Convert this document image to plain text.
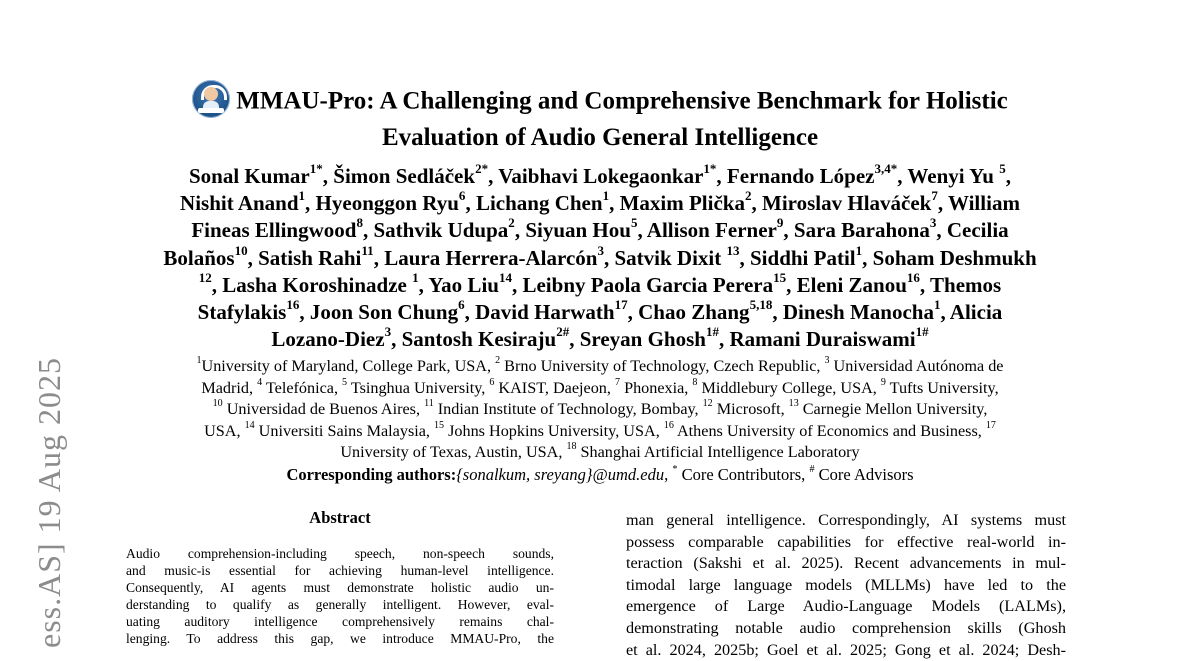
ess.AS] 19 Aug 2025
MMAU-Pro: A Challenging and Comprehensive Benchmark for Holistic
Evaluation of Audio General Intelligence
Sonal Kumar$^{1*}$, Šimon Sedláček$^{2*}$, Vaibhavi Lokegaonkar$^{1*}$, Fernando López$^{3,4*}$, Wenyi Yu $^5$,
Nishit Anand$^1$, Hyeonggon Ryu$^6$, Lichang Chen$^1$, Maxim Plička$^2$, Miroslav Hlaváček$^7$, William
Fineas Ellingwood$^8$, Sathvik Udupa$^2$, Siyuan Hou$^5$, Allison Ferner$^9$, Sara Barahona$^3$, Cecilia
Bolaños$^{10}$, Satish Rahi$^{11}$, Laura Herrera-Alarcón$^3$, Satvik Dixit $^{13}$, Siddhi Patil$^1$, Soham Deshmukh
$^{12}$, Lasha Koroshinadze $^1$, Yao Liu$^{14}$, Leibny Paola Garcia Perera$^{15}$, Eleni Zanou$^{16}$, Themos
Stafylakis$^{16}$, Joon Son Chung$^6$, David Harwath$^{17}$, Chao Zhang$^{5,18}$, Dinesh Manocha$^1$, Alicia
Lozano-Diez$^3$, Santosh Kesiraju$^{2\#}$, Sreyan Ghosh$^{1\#}$, Ramani Duraiswami$^{1\#}$
$^1$University of Maryland, College Park, USA, $^2$ Brno University of Technology, Czech Republic, $^3$ Universidad Autónoma de
Madrid, $^4$ Telefónica, $^5$ Tsinghua University, $^6$ KAIST, Daejeon, $^7$ Phonexia, $^8$ Middlebury College, USA, $^9$ Tufts University,
$^{10}$ Universidad de Buenos Aires, $^{11}$ Indian Institute of Technology, Bombay, $^{12}$ Microsoft, $^{13}$ Carnegie Mellon University,
USA, $^{14}$ Universiti Sains Malaysia, $^{15}$ Johns Hopkins University, USA, $^{16}$ Athens University of Economics and Business, $^{17}$
University of Texas, Austin, USA, $^{18}$ Shanghai Artificial Intelligence Laboratory
Corresponding authors:{sonalkum, sreyang}@umd.edu, * Core Contributors, # Core Advisors
Abstract
Audio comprehension-including speech, non-speech sounds,
and music-is essential for achieving human-level intelligence.
Consequently, AI agents must demonstrate holistic audio un-
derstanding to qualify as generally intelligent. However, eval-
uating auditory intelligence comprehensively remains chal-
lenging. To address this gap, we introduce MMAU-Pro, the
man general intelligence. Correspondingly, AI systems must
possess comparable capabilities for effective real-world in-
teraction (Sakshi et al. 2025). Recent advancements in mul-
timodal large language models (MLLMs) have led to the
emergence of Large Audio-Language Models (LALMs),
demonstrating notable audio comprehension skills (Ghosh
et al. 2024, 2025b; Goel et al. 2025; Gong et al. 2024; Desh-
